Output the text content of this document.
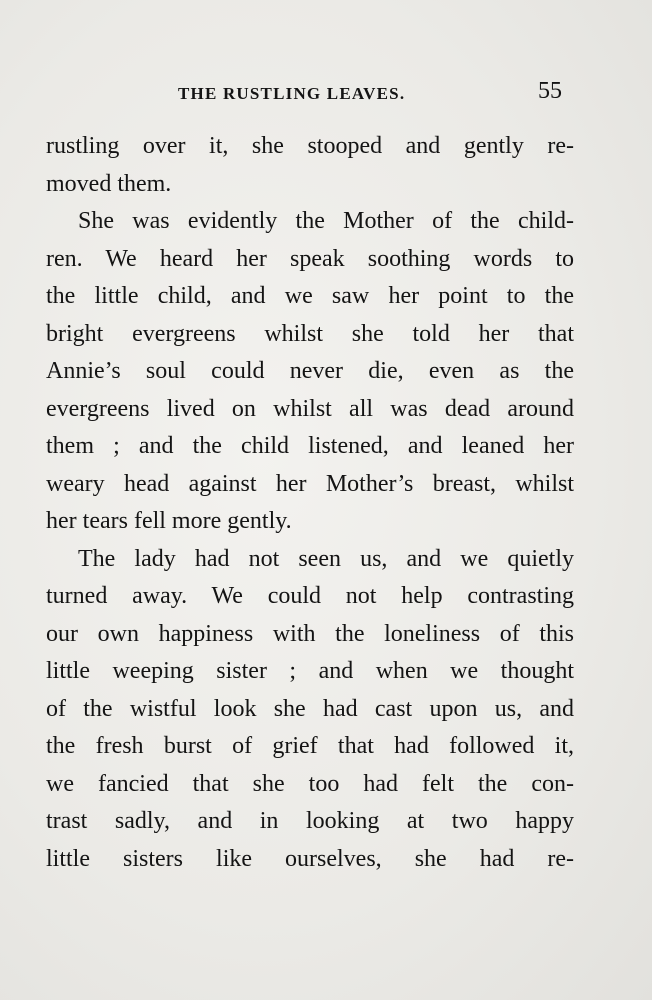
THE RUSTLING LEAVES.	55
rustling over it, she stooped and gently re-
moved them.
She was evidently the Mother of the child-
ren. We heard her speak soothing words to
the little child, and we saw her point to the
bright evergreens whilst she told her that
Annie’s soul could never die, even as the
evergreens lived on whilst all was dead around
them ; and the child listened, and leaned her
weary head against her Mother’s breast, whilst
her tears fell more gently.
The lady had not seen us, and we quietly
turned away. We could not help contrasting
our own happiness with the loneliness of this
little weeping sister ; and when we thought
of the wistful look she had cast upon us, and
the fresh burst of grief that had followed it,
we fancied that she too had felt the con-
trast sadly, and in looking at two happy
little sisters like ourselves, she had re-
